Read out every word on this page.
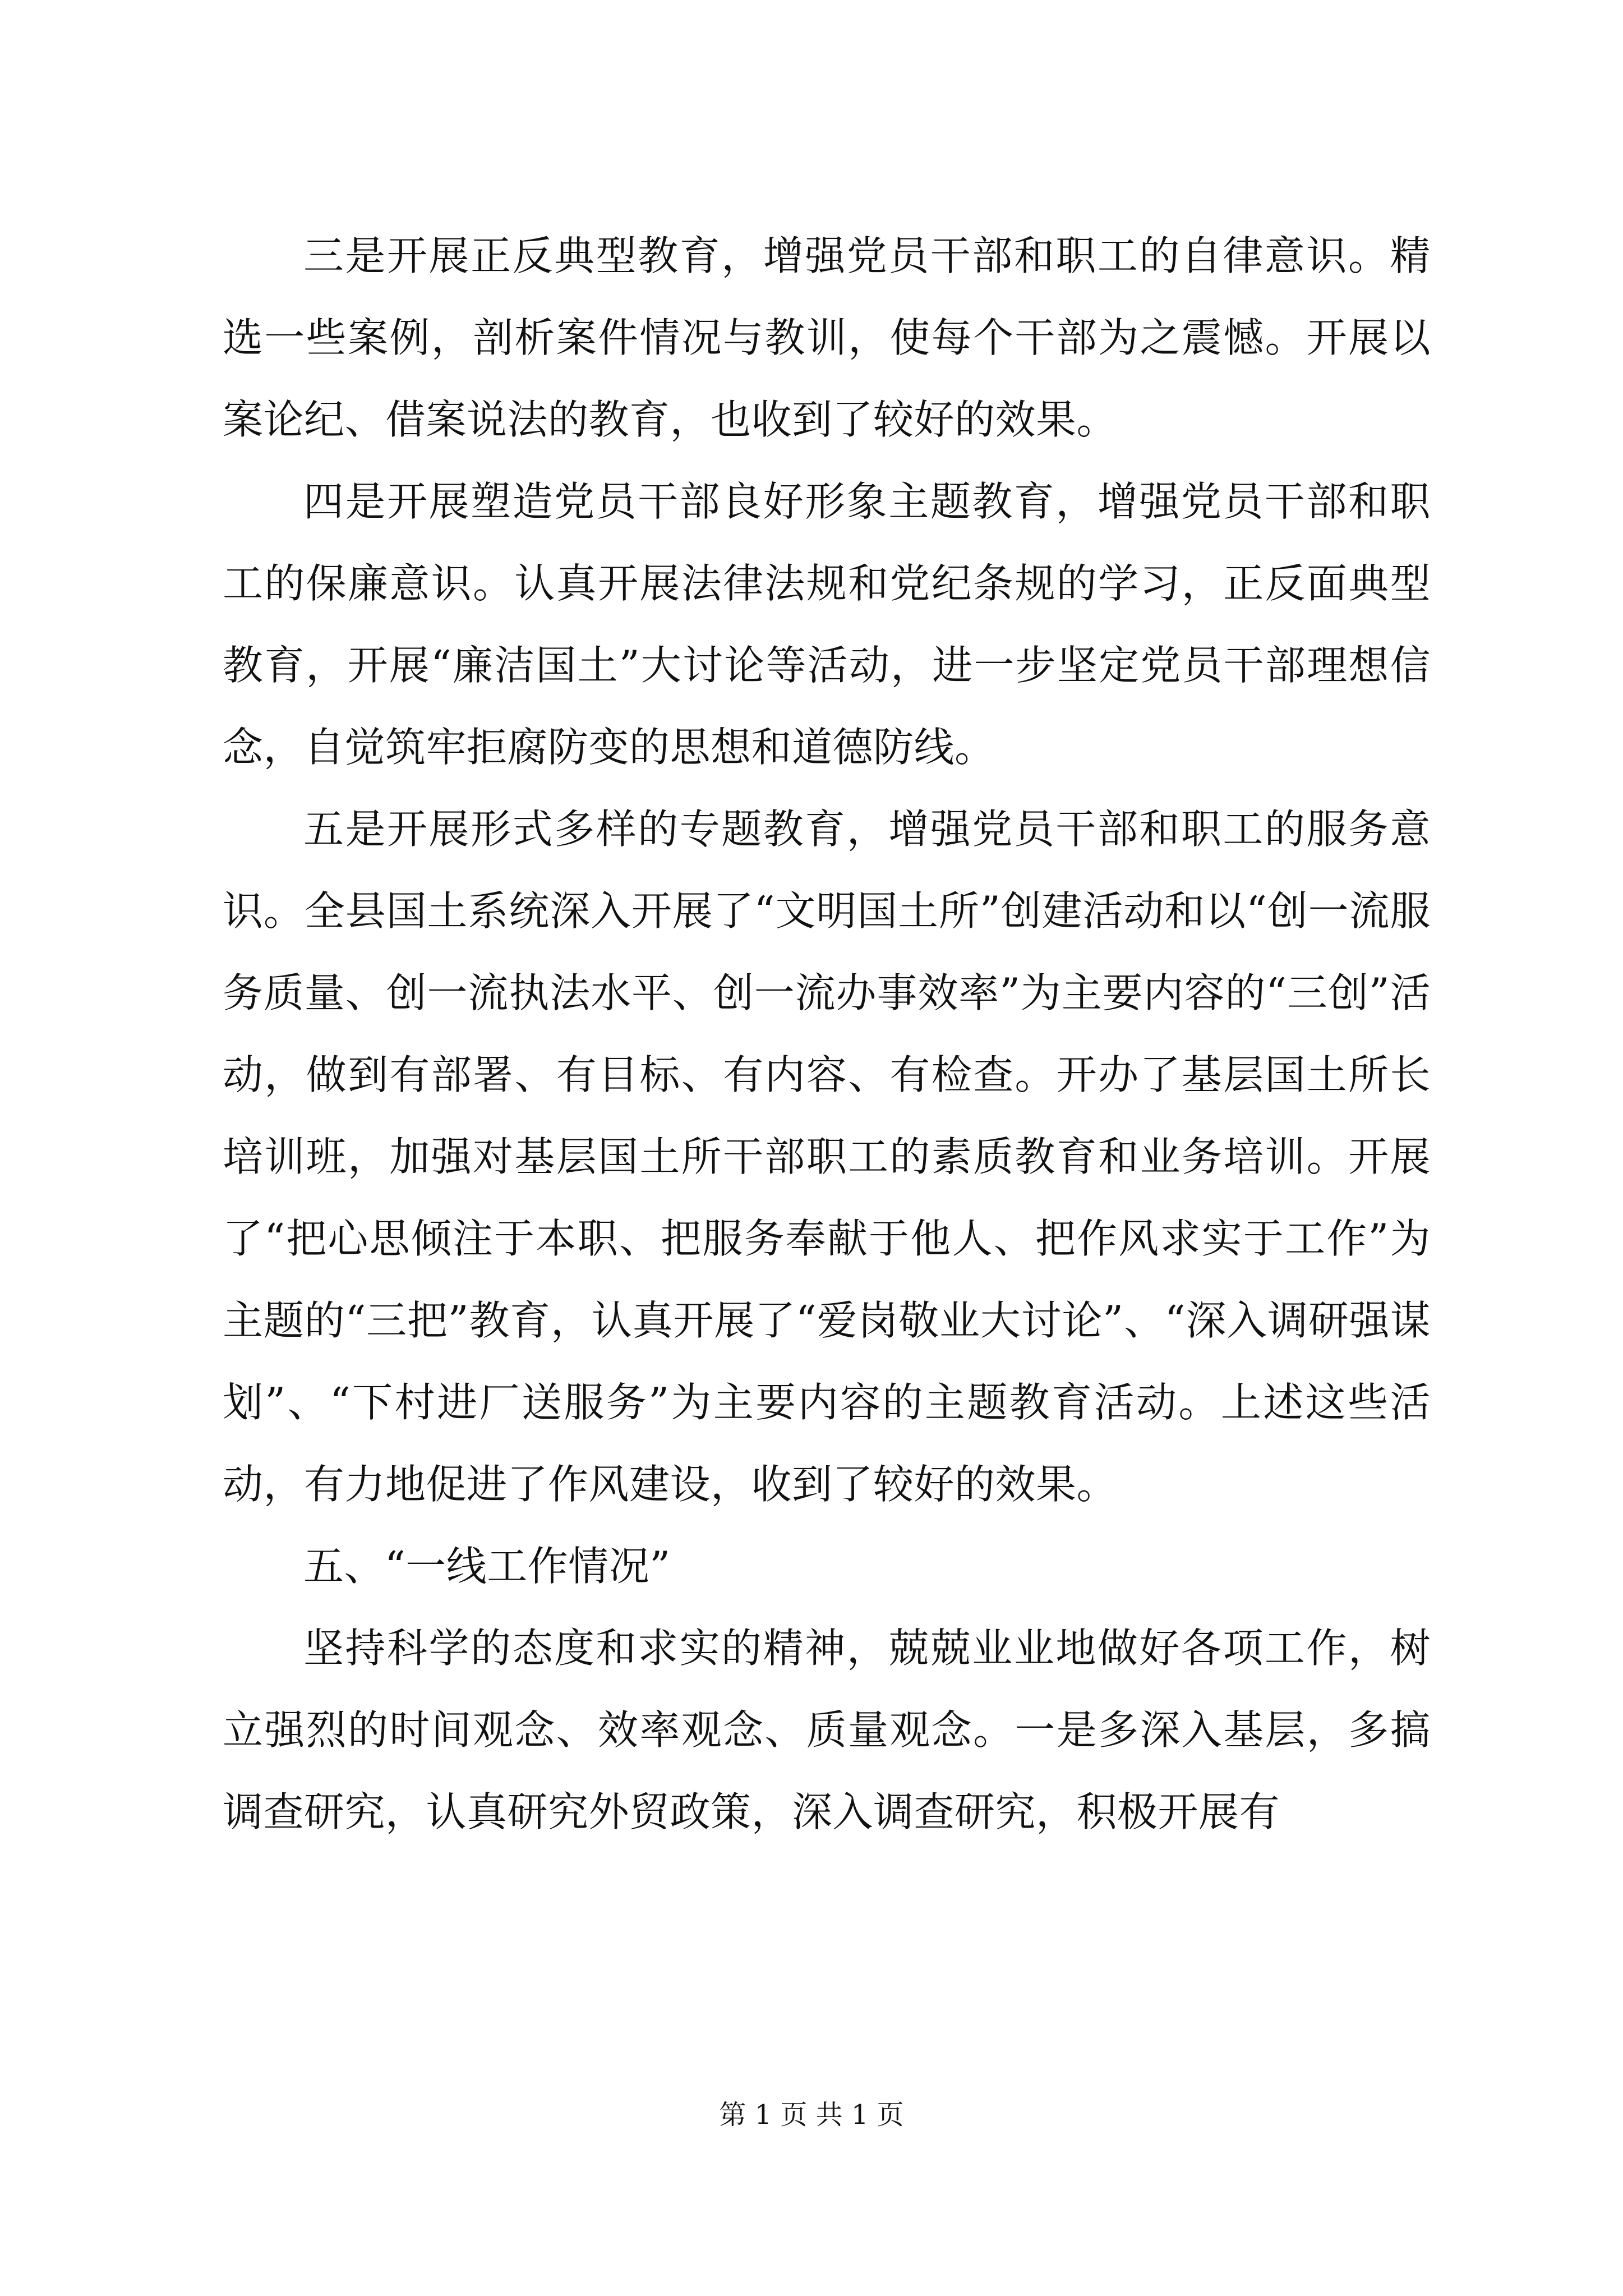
三是开展正反典型教育，增强党员干部和职工的自律意识。精选一些案例，剖析案件情况与教训，使每个干部为之震憾。开展以案论纪、借案说法的教育，也收到了较好的效果。

四是开展塑造党员干部良好形象主题教育，增强党员干部和职工的保廉意识。认真开展法律法规和党纪条规的学习，正反面典型教育，开展“廉洁国土”大讨论等活动，进一步坚定党员干部理想信念，自觉筑牢拒腐防变的思想和道德防线。

五是开展形式多样的专题教育，增强党员干部和职工的服务意识。全县国土系统深入开展了“文明国土所”创建活动和以“创一流服务质量、创一流执法水平、创一流办事效率”为主要内容的“三创”活动，做到有部署、有目标、有内容、有检查。开办了基层国土所长培训班，加强对基层国土所干部职工的素质教育和业务培训。开展了“把心思倾注于本职、把服务奉献于他人、把作风求实于工作”为主题的“三把”教育，认真开展了“爱岗敬业大讨论”、“深入调研强谋划”、“下村进厂送服务”为主要内容的主题教育活动。上述这些活动，有力地促进了作风建设，收到了较好的效果。

五、“一线工作情况”

坚持科学的态度和求实的精神，兢兢业业地做好各项工作，树立强烈的时间观念、效率观念、质量观念。一是多深入基层，多搞调查研究，认真研究外贸政策，深入调查研究，积极开展有

第 1 页 共 1 页
